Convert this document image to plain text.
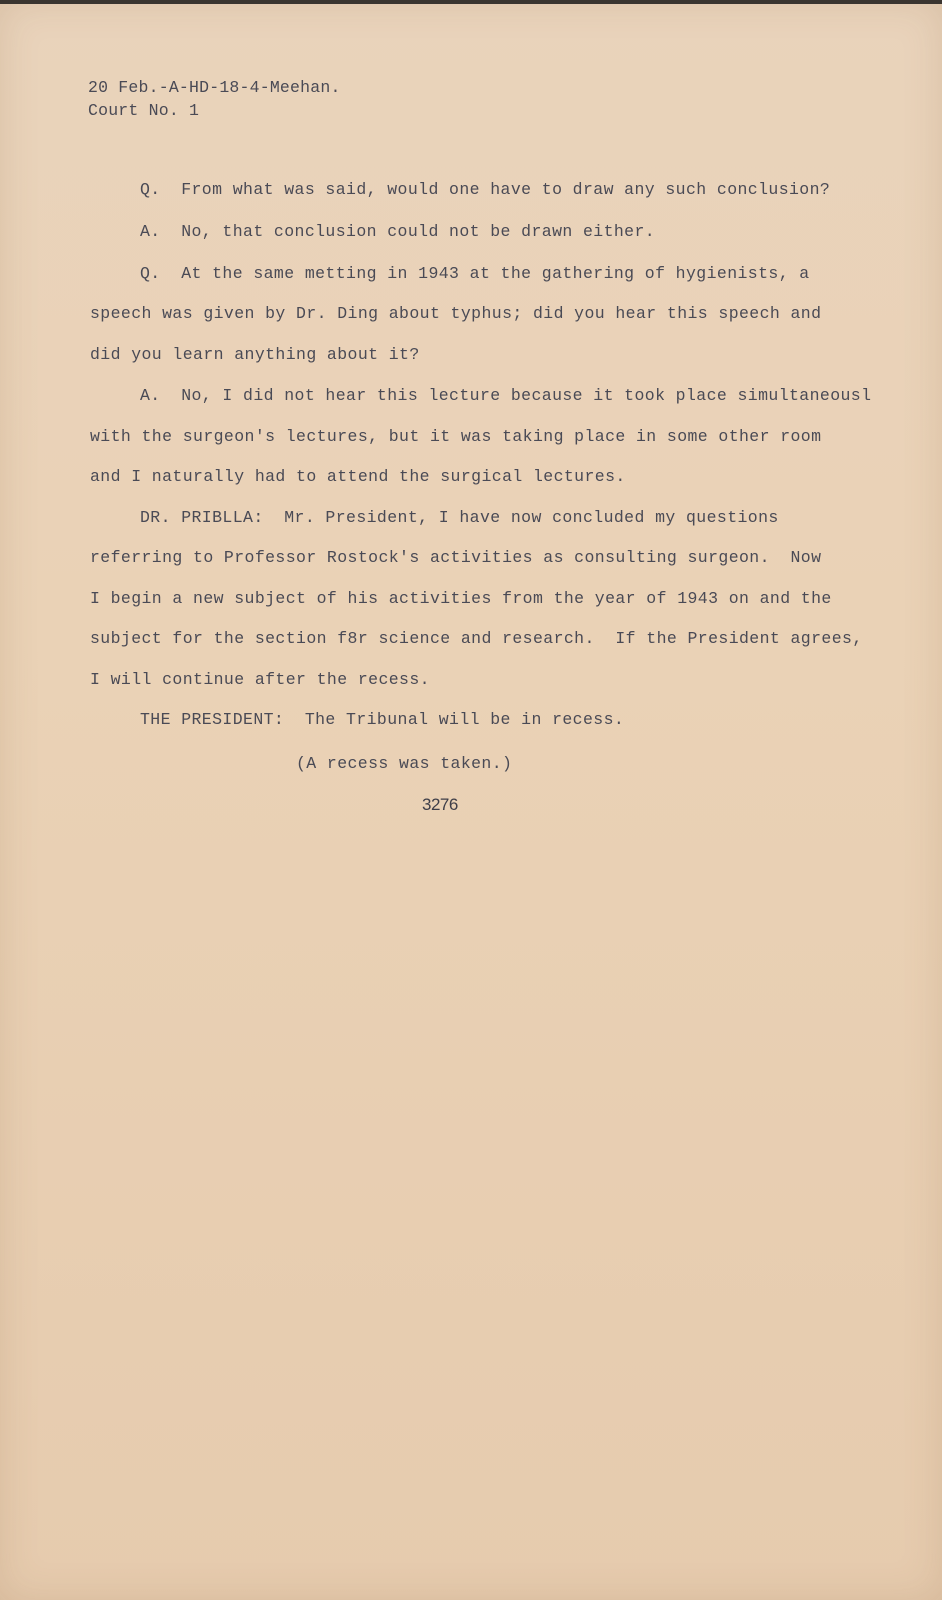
20 Feb.-A-HD-18-4-Meehan.
Court No. 1
Q.  From what was said, would one have to draw any such conclusion?
A.  No, that conclusion could not be drawn either.
Q.  At the same metting in 1943 at the gathering of hygienists, a
speech was given by Dr. Ding about typhus; did you hear this speech and
did you learn anything about it?
A.  No, I did not hear this lecture because it took place simultaneousl
with the surgeon's lectures, but it was taking place in some other room
and I naturally had to attend the surgical lectures.
DR. PRIBLLA:  Mr. President, I have now concluded my questions
referring to Professor Rostock's activities as consulting surgeon.  Now
I begin a new subject of his activities from the year of 1943 on and the
subject for the section f8r science and research.  If the President agrees,
I will continue after the recess.
THE PRESIDENT:  The Tribunal will be in recess.
(A recess was taken.)
3276
